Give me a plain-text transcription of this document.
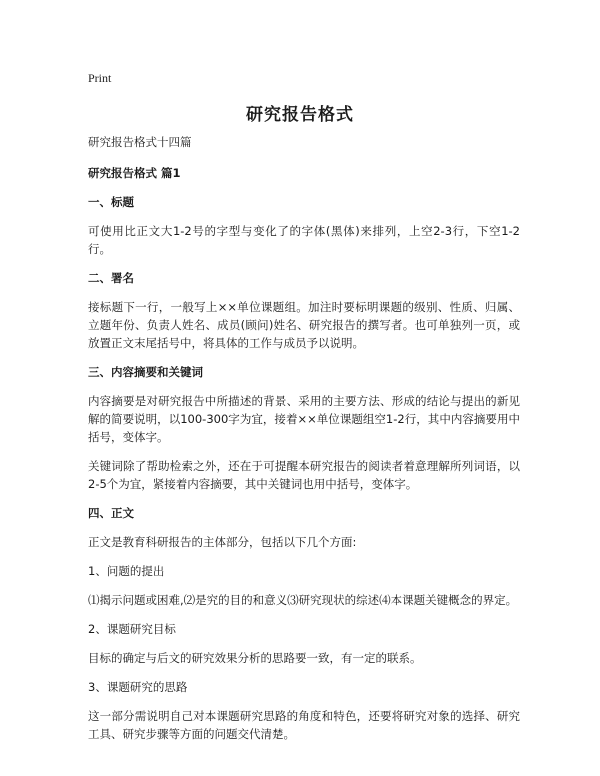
Print
研究报告格式

研究报告格式十四篇

研究报告格式 篇1

一、标题

可使用比正文大1-2号的字型与变化了的字体(黑体)来排列，上空2-3行，下空1-2行。

二、署名

接标题下一行，一般写上××单位课题组。加注时要标明课题的级别、性质、归属、立题年份、负责人姓名、成员(顾问)姓名、研究报告的撰写者。也可单独列一页，或放置正文末尾括号中，将具体的工作与成员予以说明。

三、内容摘要和关键词

内容摘要是对研究报告中所描述的背景、采用的主要方法、形成的结论与提出的新见解的简要说明，以100-300字为宜，接着××单位课题组空1-2行，其中内容摘要用中括号，变体字。

关键词除了帮助检索之外，还在于可提醒本研究报告的阅读者着意理解所列词语，以2-5个为宜，紧接着内容摘要，其中关键词也用中括号，变体字。

四、正文

正文是教育科研报告的主体部分，包括以下几个方面:

1、问题的提出

⑴揭示问题或困难,⑵是究的目的和意义⑶研究现状的综述⑷本课题关键概念的界定。

2、课题研究目标

目标的确定与后文的研究效果分析的思路要一致，有一定的联系。

3、课题研究的思路

这一部分需说明自己对本课题研究思路的角度和特色，还要将研究对象的选择、研究工具、研究步骤等方面的问题交代清楚。
